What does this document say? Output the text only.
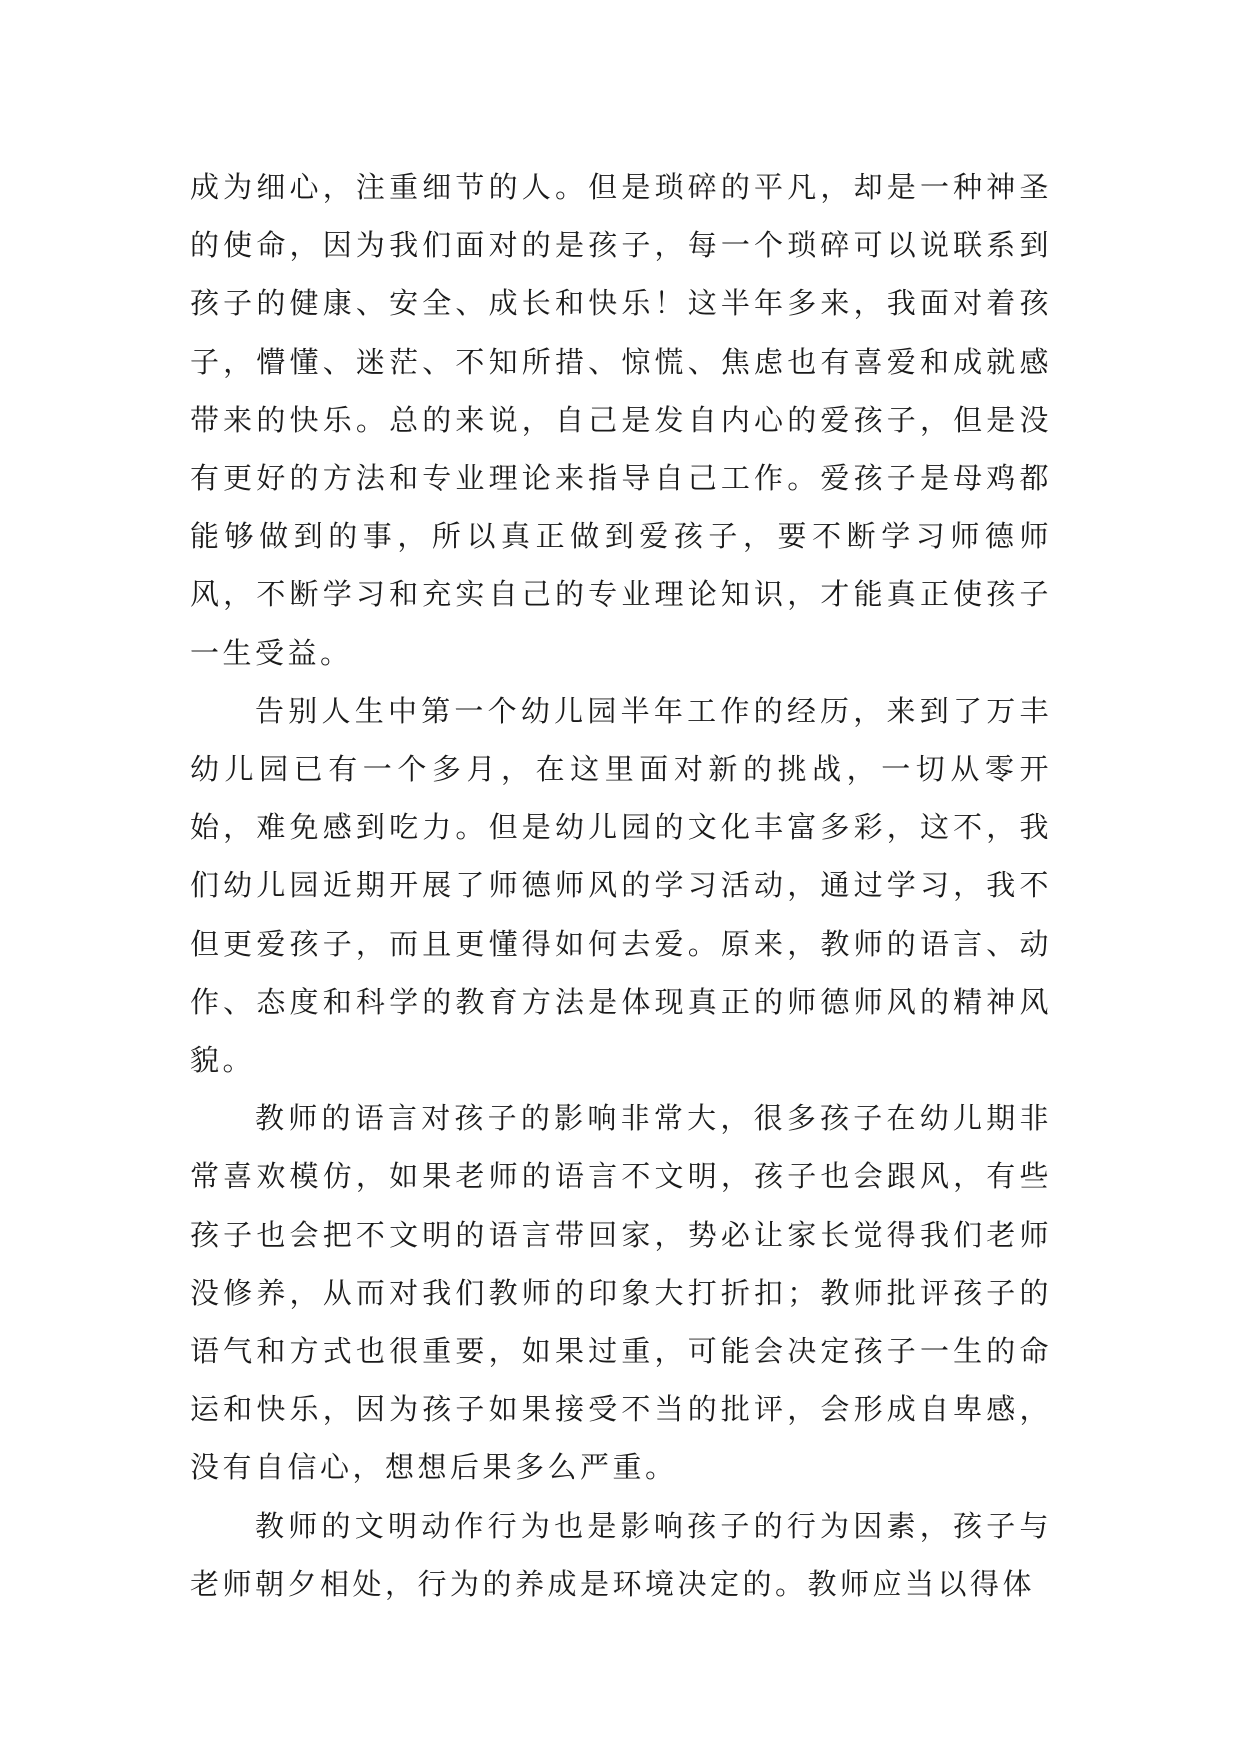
成为细心，注重细节的人。但是琐碎的平凡，却是一种神圣的使命，因为我们面对的是孩子，每一个琐碎可以说联系到孩子的健康、安全、成长和快乐！这半年多来，我面对着孩子，懵懂、迷茫、不知所措、惊慌、焦虑也有喜爱和成就感带来的快乐。总的来说，自己是发自内心的爱孩子，但是没有更好的方法和专业理论来指导自己工作。爱孩子是母鸡都能够做到的事，所以真正做到爱孩子，要不断学习师德师风，不断学习和充实自己的专业理论知识，才能真正使孩子一生受益。

告别人生中第一个幼儿园半年工作的经历，来到了万丰幼儿园已有一个多月，在这里面对新的挑战，一切从零开始，难免感到吃力。但是幼儿园的文化丰富多彩，这不，我们幼儿园近期开展了师德师风的学习活动，通过学习，我不但更爱孩子，而且更懂得如何去爱。原来，教师的语言、动作、态度和科学的教育方法是体现真正的师德师风的精神风貌。

教师的语言对孩子的影响非常大，很多孩子在幼儿期非常喜欢模仿，如果老师的语言不文明，孩子也会跟风，有些孩子也会把不文明的语言带回家，势必让家长觉得我们老师没修养，从而对我们教师的印象大打折扣；教师批评孩子的语气和方式也很重要，如果过重，可能会决定孩子一生的命运和快乐，因为孩子如果接受不当的批评，会形成自卑感，没有自信心，想想后果多么严重。

教师的文明动作行为也是影响孩子的行为因素，孩子与老师朝夕相处，行为的养成是环境决定的。教师应当以得体
